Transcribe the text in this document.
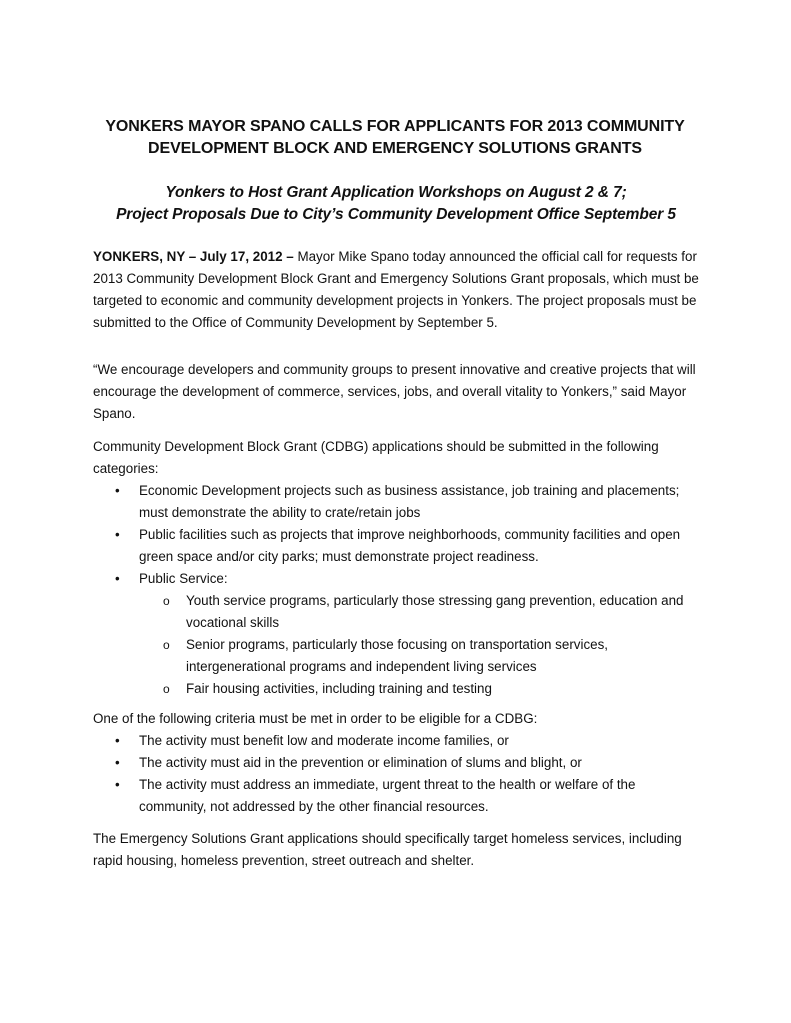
YONKERS MAYOR SPANO CALLS FOR APPLICANTS FOR 2013 COMMUNITY
DEVELOPMENT BLOCK AND EMERGENCY SOLUTIONS GRANTS
Yonkers to Host Grant Application Workshops on August 2 & 7;
Project Proposals Due to City’s Community Development Office September 5

YONKERS, NY – July 17, 2012 – Mayor Mike Spano today announced the official call for requests for 2013 Community Development Block Grant and Emergency Solutions Grant proposals, which must be targeted to economic and community development projects in Yonkers. The project proposals must be submitted to the Office of Community Development by September 5.

“We encourage developers and community groups to present innovative and creative projects that will encourage the development of commerce, services, jobs, and overall vitality to Yonkers,” said Mayor Spano.

Community Development Block Grant (CDBG) applications should be submitted in the following categories:

• Economic Development projects such as business assistance, job training and placements; must demonstrate the ability to crate/retain jobs
• Public facilities such as projects that improve neighborhoods, community facilities and open green space and/or city parks; must demonstrate project readiness.
• Public Service:
o Youth service programs, particularly those stressing gang prevention, education and vocational skills
o Senior programs, particularly those focusing on transportation services, intergenerational programs and independent living services
o Fair housing activities, including training and testing

One of the following criteria must be met in order to be eligible for a CDBG:

• The activity must benefit low and moderate income families, or
• The activity must aid in the prevention or elimination of slums and blight, or
• The activity must address an immediate, urgent threat to the health or welfare of the community, not addressed by the other financial resources.

The Emergency Solutions Grant applications should specifically target homeless services, including rapid housing, homeless prevention, street outreach and shelter.
